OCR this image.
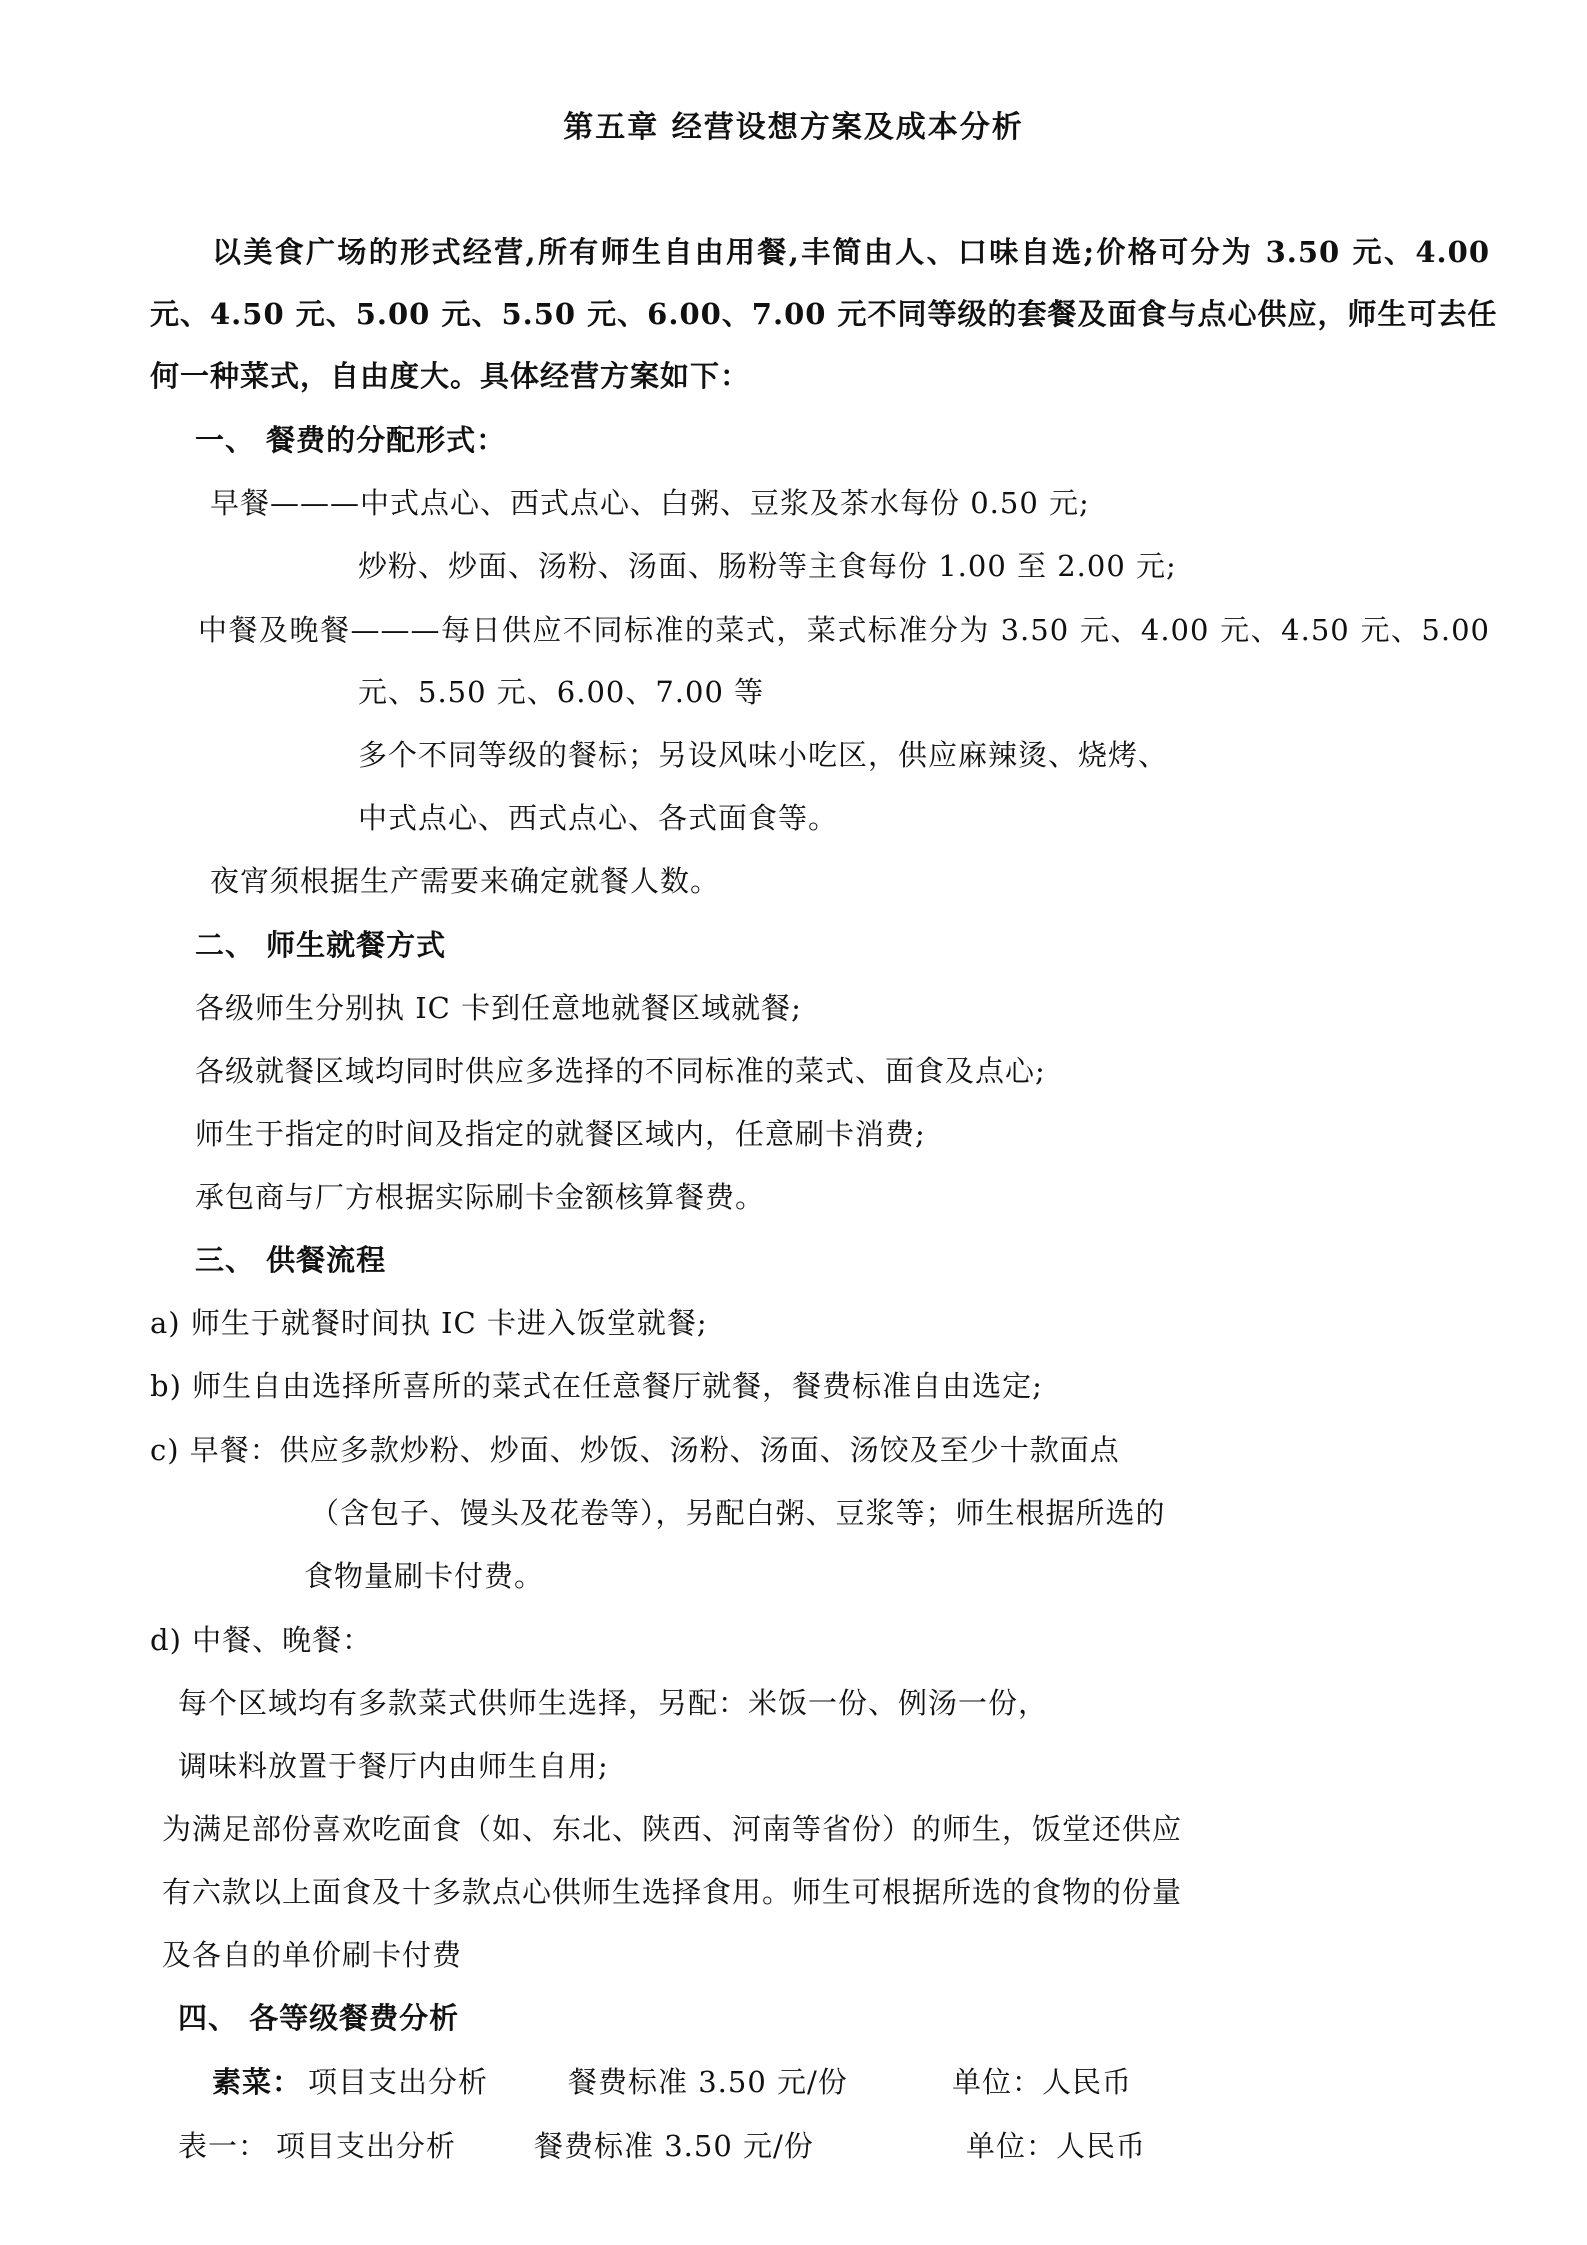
第五章 经营设想方案及成本分析
以美食广场的形式经营,所有师生自由用餐,丰简由人、口味自选;价格可分为 3.50 元、4.00
元、4.50 元、5.00 元、5.50 元、6.00、7.00 元不同等级的套餐及面食与点心供应，师生可去任
何一种菜式，自由度大。具体经营方案如下：
一、 餐费的分配形式：
早餐———中式点心、西式点心、白粥、豆浆及茶水每份 0.50 元;
炒粉、炒面、汤粉、汤面、肠粉等主食每份 1.00 至 2.00 元;
中餐及晚餐———每日供应不同标准的菜式，菜式标准分为 3.50 元、4.00 元、4.50 元、5.00
元、5.50 元、6.00、7.00 等
多个不同等级的餐标；另设风味小吃区，供应麻辣烫、烧烤、
中式点心、西式点心、各式面食等。
夜宵须根据生产需要来确定就餐人数。
二、 师生就餐方式
各级师生分别执 IC 卡到任意地就餐区域就餐;
各级就餐区域均同时供应多选择的不同标准的菜式、面食及点心;
师生于指定的时间及指定的就餐区域内，任意刷卡消费;
承包商与厂方根据实际刷卡金额核算餐费。
三、 供餐流程
a) 师生于就餐时间执 IC 卡进入饭堂就餐;
b) 师生自由选择所喜所的菜式在任意餐厅就餐，餐费标准自由选定;
c) 早餐：供应多款炒粉、炒面、炒饭、汤粉、汤面、汤饺及至少十款面点
（含包子、馒头及花卷等），另配白粥、豆浆等；师生根据所选的
食物量刷卡付费。
d) 中餐、晚餐：
每个区域均有多款菜式供师生选择，另配：米饭一份、例汤一份，
调味料放置于餐厅内由师生自用;
为满足部份喜欢吃面食（如、东北、陕西、河南等省份）的师生，饭堂还供应
有六款以上面食及十多款点心供师生选择食用。师生可根据所选的食物的份量
及各自的单价刷卡付费
四、 各等级餐费分析
素菜： 项目支出分析	餐费标准 3.50 元/份	单位：人民币
表一： 项目支出分析	餐费标准 3.50 元/份	单位：人民币
